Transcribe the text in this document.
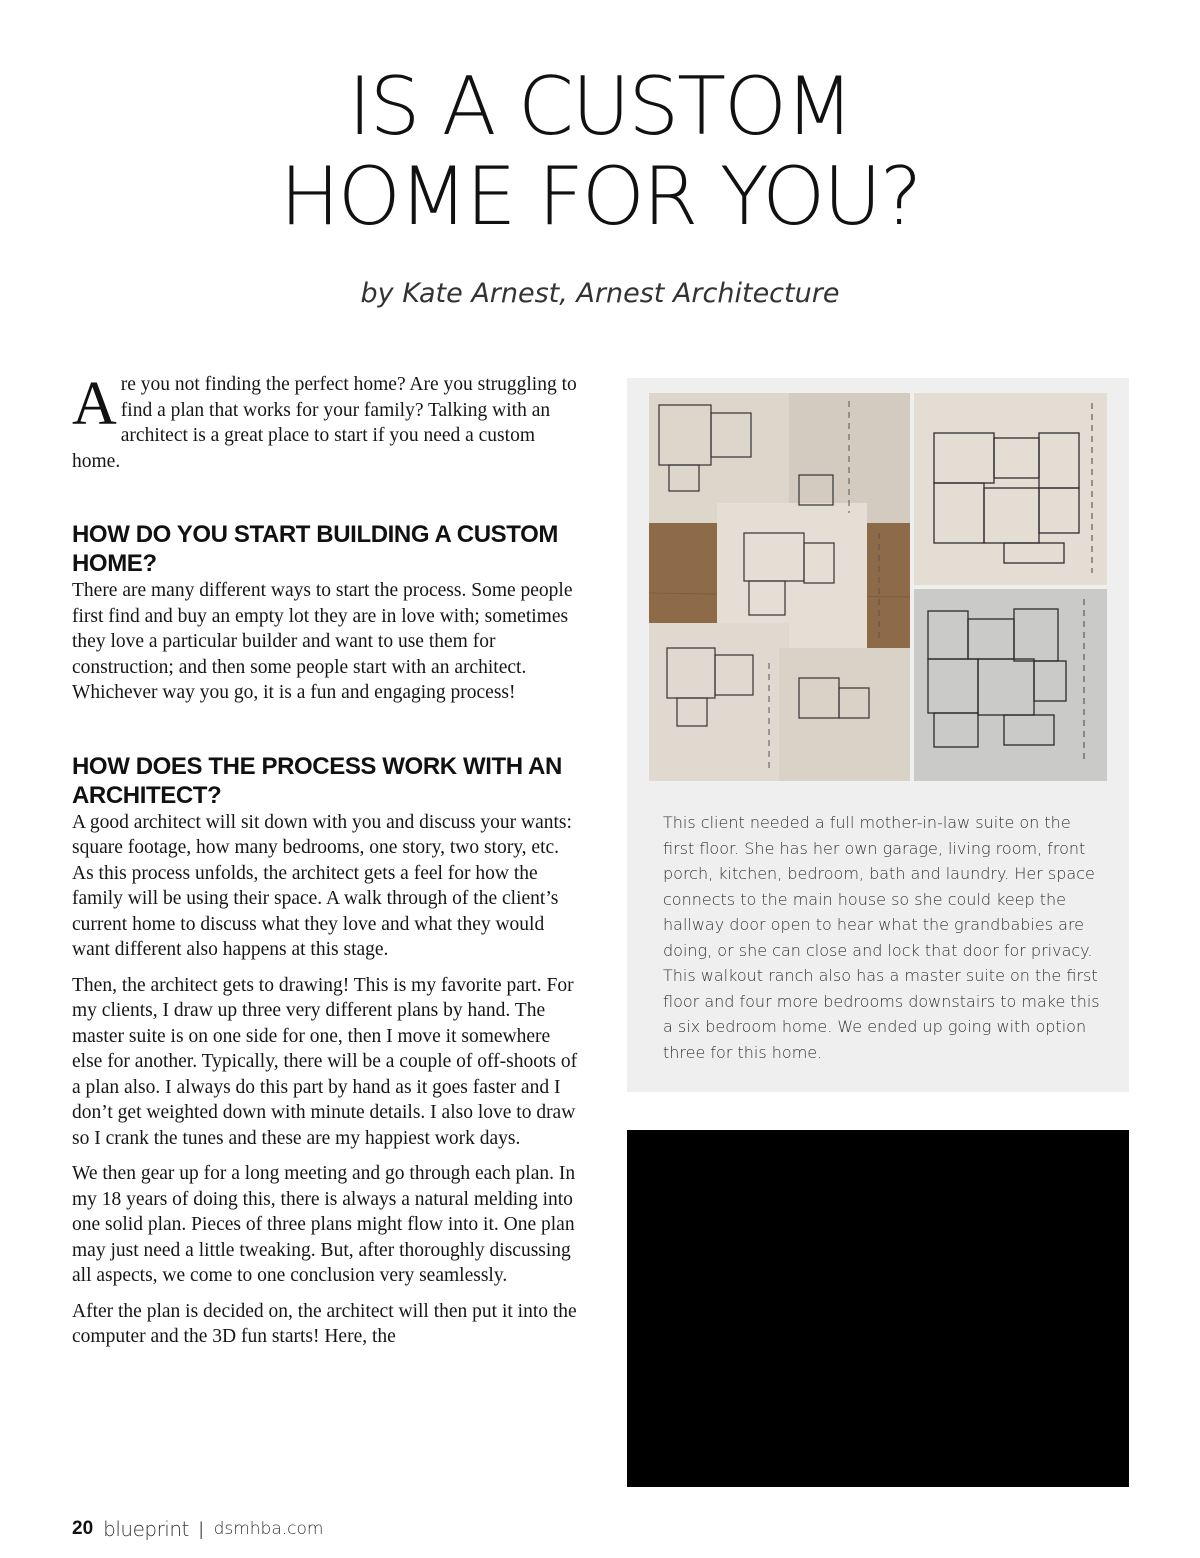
IS A CUSTOM
HOME FOR YOU?
by Kate Arnest, Arnest Architecture

Are you not finding the perfect home? Are you struggling to find a plan that works for your family? Talking with an architect is a great place to start if you need a custom home.

HOW DO YOU START BUILDING A CUSTOM HOME?

There are many different ways to start the process. Some people first find and buy an empty lot they are in love with; sometimes they love a particular builder and want to use them for construction; and then some people start with an architect. Whichever way you go, it is a fun and engaging process!

HOW DOES THE PROCESS WORK WITH AN ARCHITECT?

A good architect will sit down with you and discuss your wants: square footage, how many bedrooms, one story, two story, etc. As this process unfolds, the architect gets a feel for how the family will be using their space. A walk through of the client’s current home to discuss what they love and what they would want different also happens at this stage.

Then, the architect gets to drawing! This is my favorite part. For my clients, I draw up three very different plans by hand. The master suite is on one side for one, then I move it somewhere else for another. Typically, there will be a couple of off-shoots of a plan also. I always do this part by hand as it goes faster and I don’t get weighted down with minute details. I also love to draw so I crank the tunes and these are my happiest work days.

We then gear up for a long meeting and go through each plan. In my 18 years of doing this, there is always a natural melding into one solid plan. Pieces of three plans might flow into it. One plan may just need a little tweaking. But, after thoroughly discussing all aspects, we come to one conclusion very seamlessly.

After the plan is decided on, the architect will then put it into the computer and the 3D fun starts! Here, the

This client needed a full mother-in-law suite on the first floor. She has her own garage, living room, front porch, kitchen, bedroom, bath and laundry. Her space connects to the main house so she could keep the hallway door open to hear what the grandbabies are doing, or she can close and lock that door for privacy. This walkout ranch also has a master suite on the first floor and four more bedrooms downstairs to make this a six bedroom home. We ended up going with option three for this home.
20 blueprint | dsmhba.com
